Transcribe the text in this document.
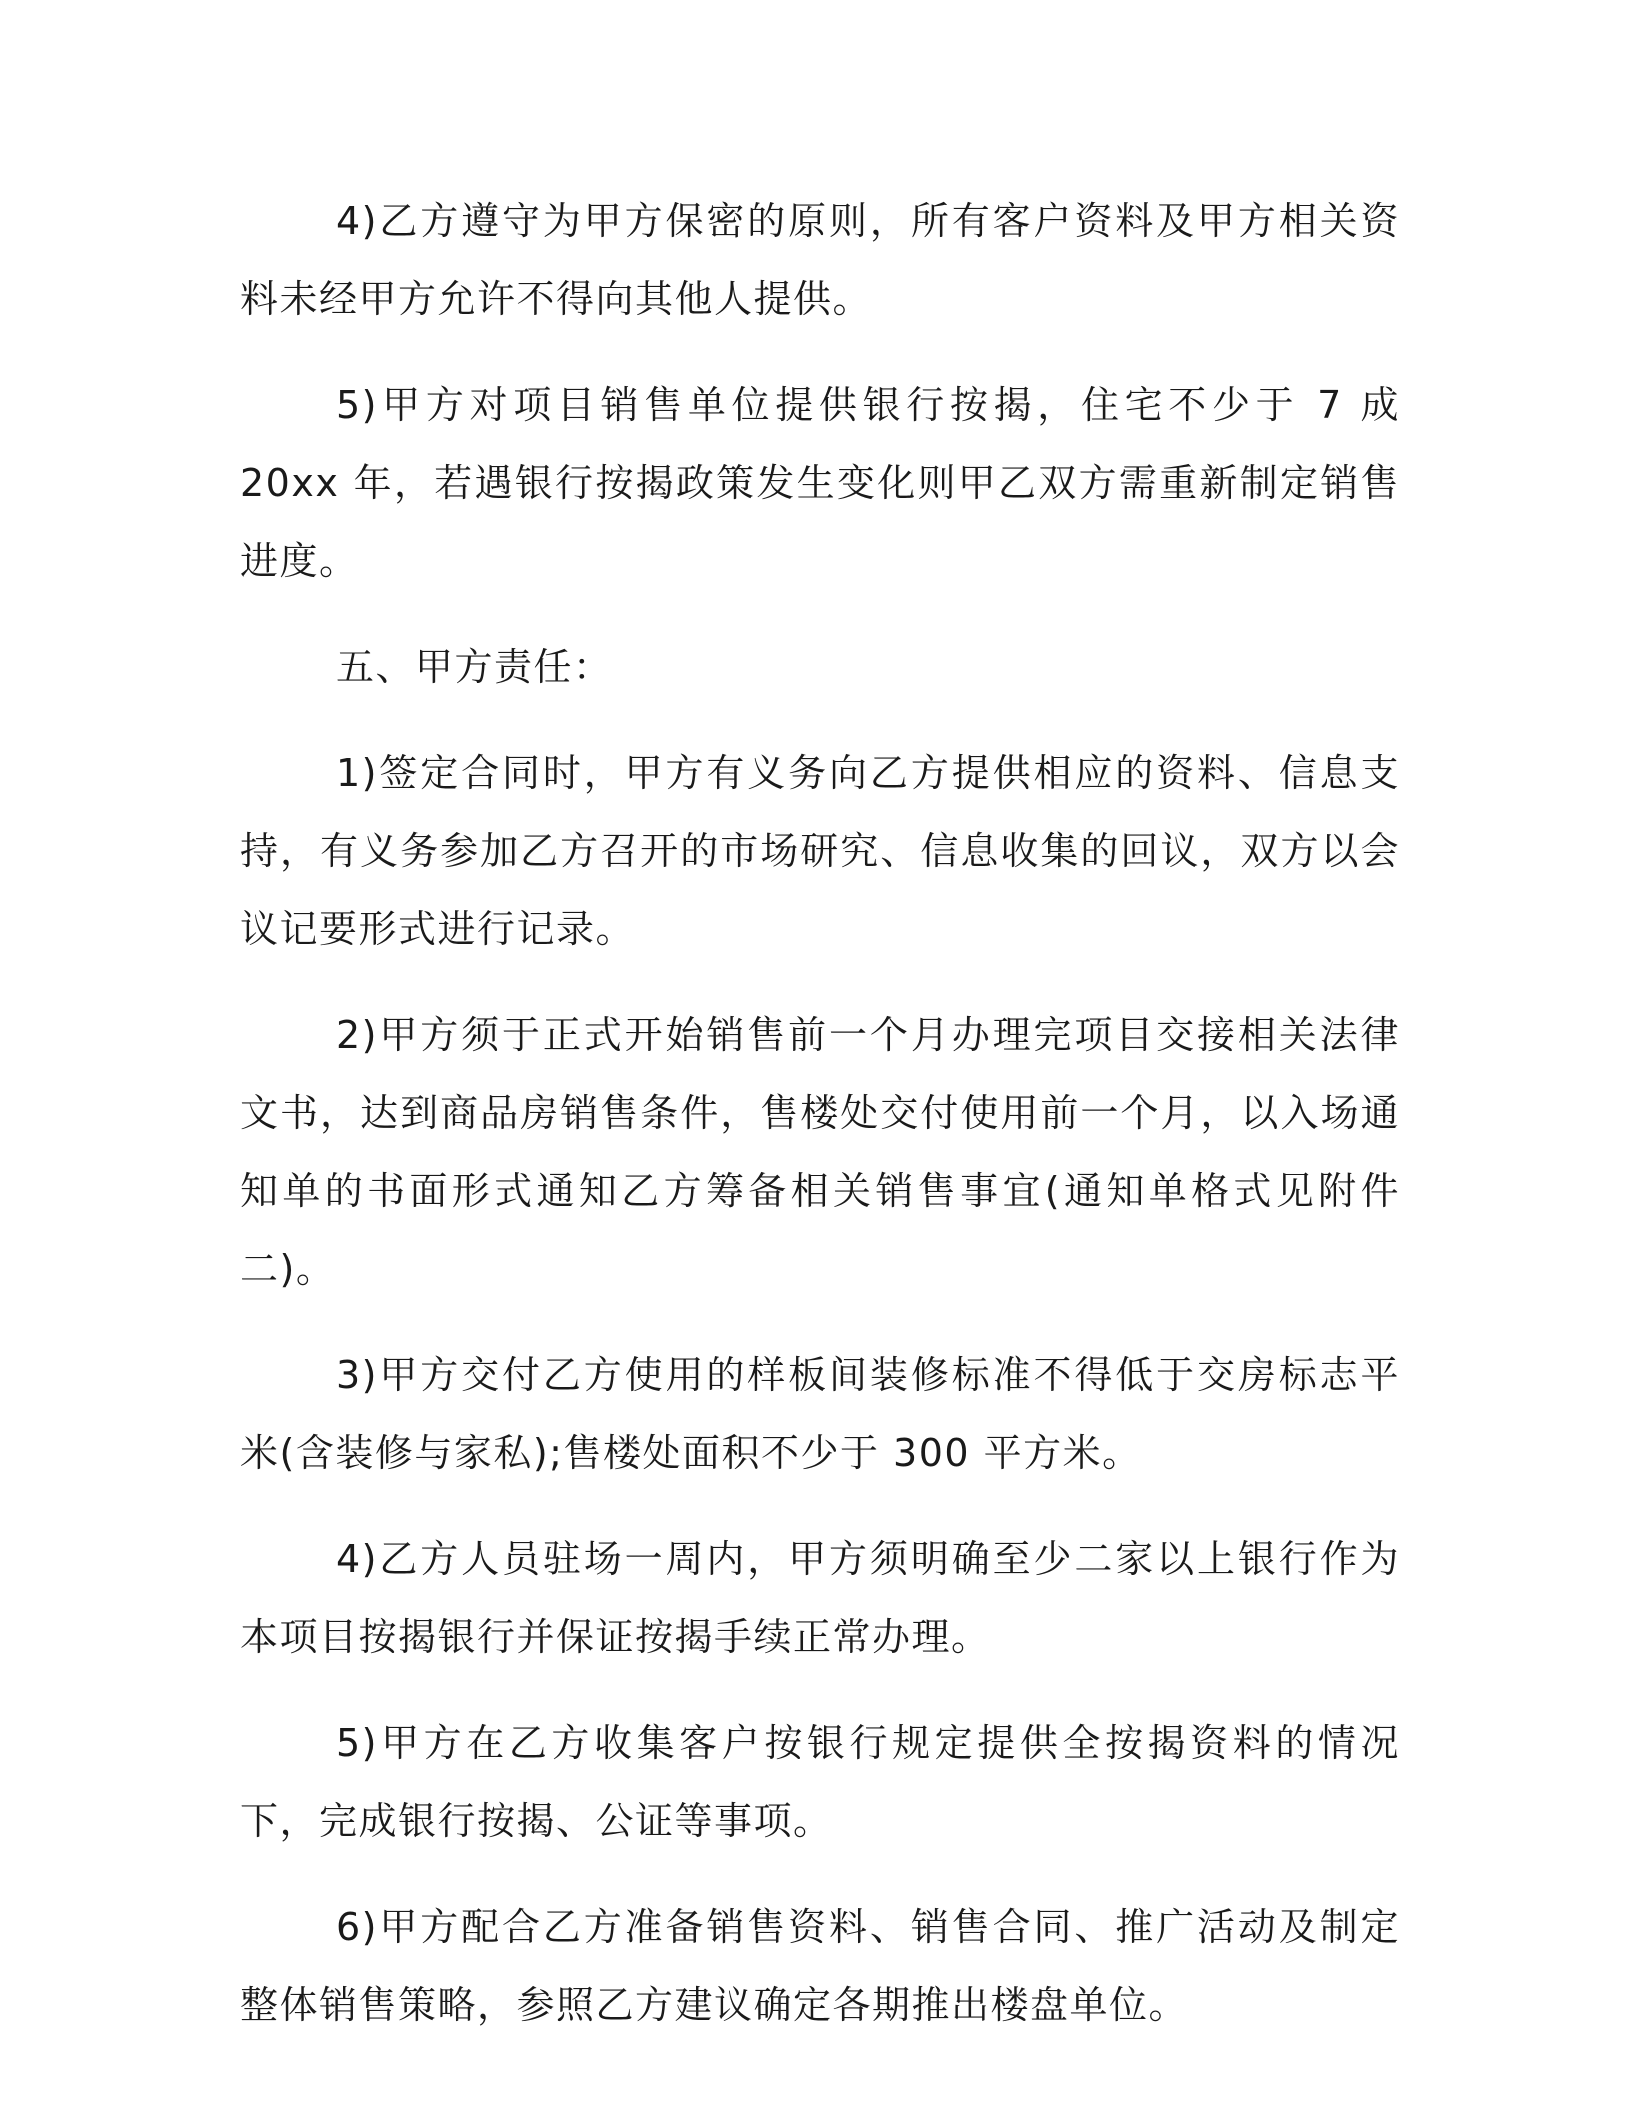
4)乙方遵守为甲方保密的原则，所有客户资料及甲方相关资料未经甲方允许不得向其他人提供。

5)甲方对项目销售单位提供银行按揭，住宅不少于 7 成 20xx 年，若遇银行按揭政策发生变化则甲乙双方需重新制定销售进度。

五、甲方责任：

1)签定合同时，甲方有义务向乙方提供相应的资料、信息支持，有义务参加乙方召开的市场研究、信息收集的回议，双方以会议记要形式进行记录。

2)甲方须于正式开始销售前一个月办理完项目交接相关法律文书，达到商品房销售条件，售楼处交付使用前一个月，以入场通知单的书面形式通知乙方筹备相关销售事宜(通知单格式见附件二)。

3)甲方交付乙方使用的样板间装修标准不得低于交房标志平米(含装修与家私);售楼处面积不少于 300 平方米。

4)乙方人员驻场一周内，甲方须明确至少二家以上银行作为本项目按揭银行并保证按揭手续正常办理。

5)甲方在乙方收集客户按银行规定提供全按揭资料的情况下，完成银行按揭、公证等事项。

6)甲方配合乙方准备销售资料、销售合同、推广活动及制定整体销售策略，参照乙方建议确定各期推出楼盘单位。
